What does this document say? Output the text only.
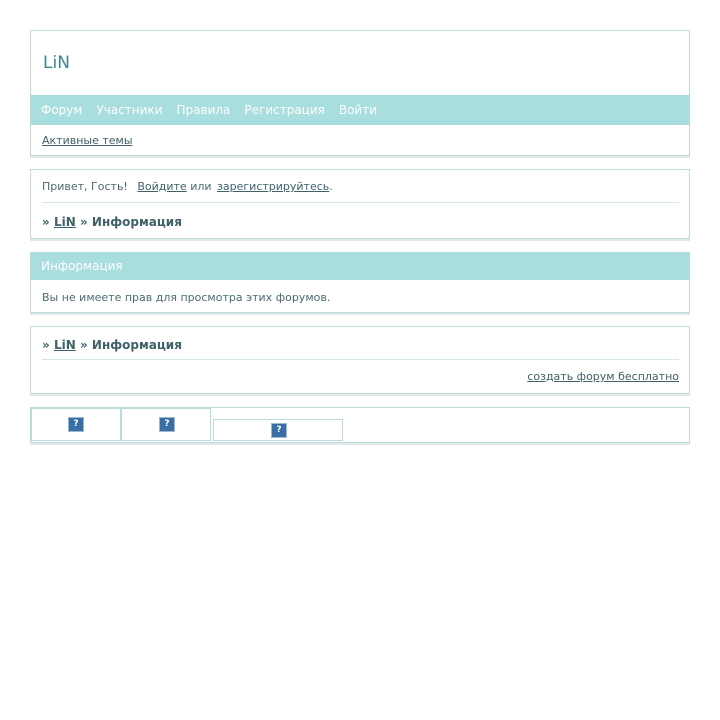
LiN
Форум Участники Правила Регистрация Войти
Активные темы
Привет, Гость! Войдите или зарегистрируйтесь.
» LiN » Информация
Информация
Вы не имеете прав для просмотра этих форумов.
» LiN » Информация
создать форум бесплатно
?	?
?
